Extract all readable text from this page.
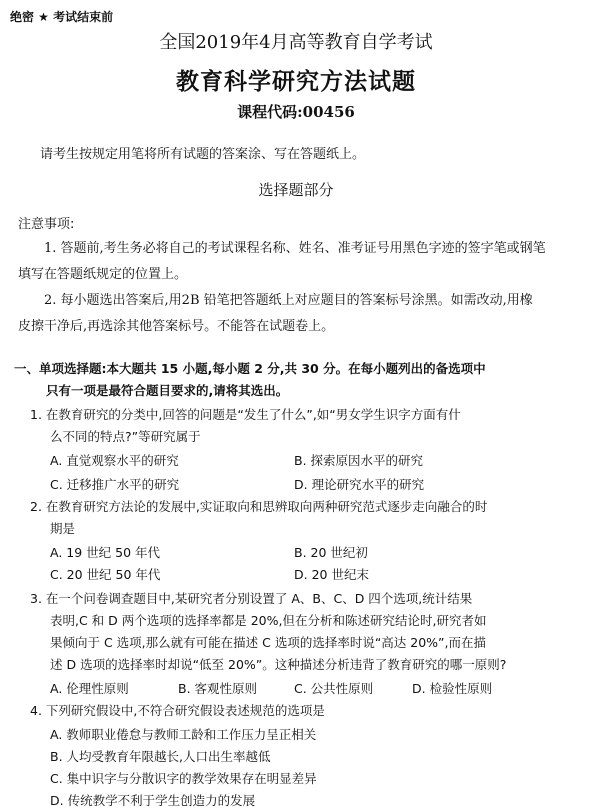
绝密 ★ 考试结束前
全国2019年4月高等教育自学考试
教育科学研究方法试题
课程代码:00456
请考生按规定用笔将所有试题的答案涂、写在答题纸上。
选择题部分
注意事项:
1. 答题前,考生务必将自己的考试课程名称、姓名、准考证号用黑色字迹的签字笔或钢笔
填写在答题纸规定的位置上。
2. 每小题选出答案后,用2B 铅笔把答题纸上对应题目的答案标号涂黑。如需改动,用橡
皮擦干净后,再选涂其他答案标号。不能答在试题卷上。
一、单项选择题:本大题共 15 小题,每小题 2 分,共 30 分。在每小题列出的备选项中
只有一项是最符合题目要求的,请将其选出。
1. 在教育研究的分类中,回答的问题是“发生了什么”,如“男女学生识字方面有什
么不同的特点?”等研究属于
A. 直觉观察水平的研究	B. 探索原因水平的研究
C. 迁移推广水平的研究	D. 理论研究水平的研究
2. 在教育研究方法论的发展中,实证取向和思辨取向两种研究范式逐步走向融合的时
期是
A. 19 世纪 50 年代	B. 20 世纪初
C. 20 世纪 50 年代	D. 20 世纪末
3. 在一个问卷调查题目中,某研究者分别设置了 A、B、C、D 四个选项,统计结果
表明,C 和 D 两个选项的选择率都是 20%,但在分析和陈述研究结论时,研究者如
果倾向于 C 选项,那么就有可能在描述 C 选项的选择率时说“高达 20%”,而在描
述 D 选项的选择率时却说“低至 20%”。这种描述分析违背了教育研究的哪一原则?
A. 伦理性原则	B. 客观性原则	C. 公共性原则	D. 检验性原则
4. 下列研究假设中,不符合研究假设表述规范的选项是
A. 教师职业倦怠与教师工龄和工作压力呈正相关
B. 人均受教育年限越长,人口出生率越低
C. 集中识字与分散识字的教学效果存在明显差异
D. 传统教学不利于学生创造力的发展
